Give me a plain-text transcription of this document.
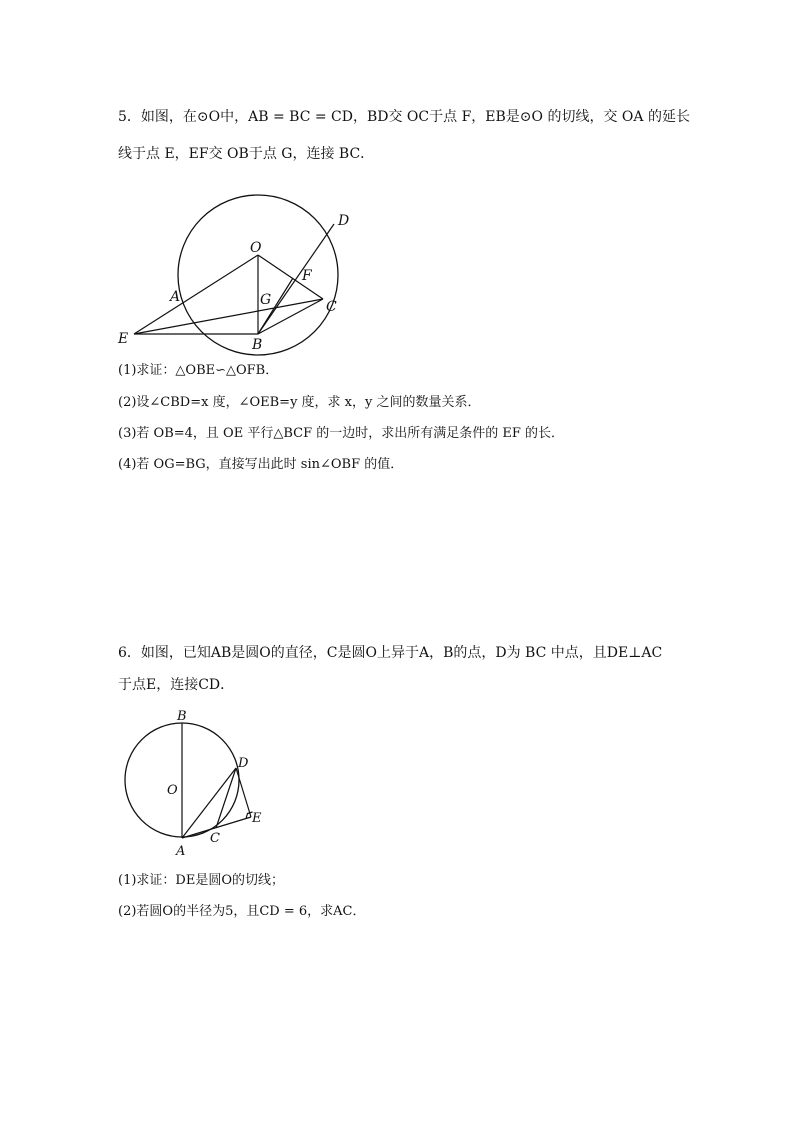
5．如图，在⊙O中，AB = BC = CD，BD交 OC于点 F，EB是⊙O 的切线，交 OA 的延长
线于点 E，EF交 OB于点 G，连接 BC．
D
O
F
A	G	C
E	B
(1)求证：△OBE∽△OFB．
(2)设∠CBD=x 度，∠OEB=y 度，求 x，y 之间的数量关系．
(3)若 OB=4，且 OE 平行△BCF 的一边时，求出所有满足条件的 EF 的长．
(4)若 OG=BG，直接写出此时 sin∠OBF 的值．
6．如图，已知AB是圆O的直径，C是圆O上异于A，B的点，D为 BC 中点，且DE⊥AC
于点E，连接CD．
B
O
D
E
C
A
(1)求证：DE是圆O的切线；
(2)若圆O的半径为5，且CD = 6，求AC．
